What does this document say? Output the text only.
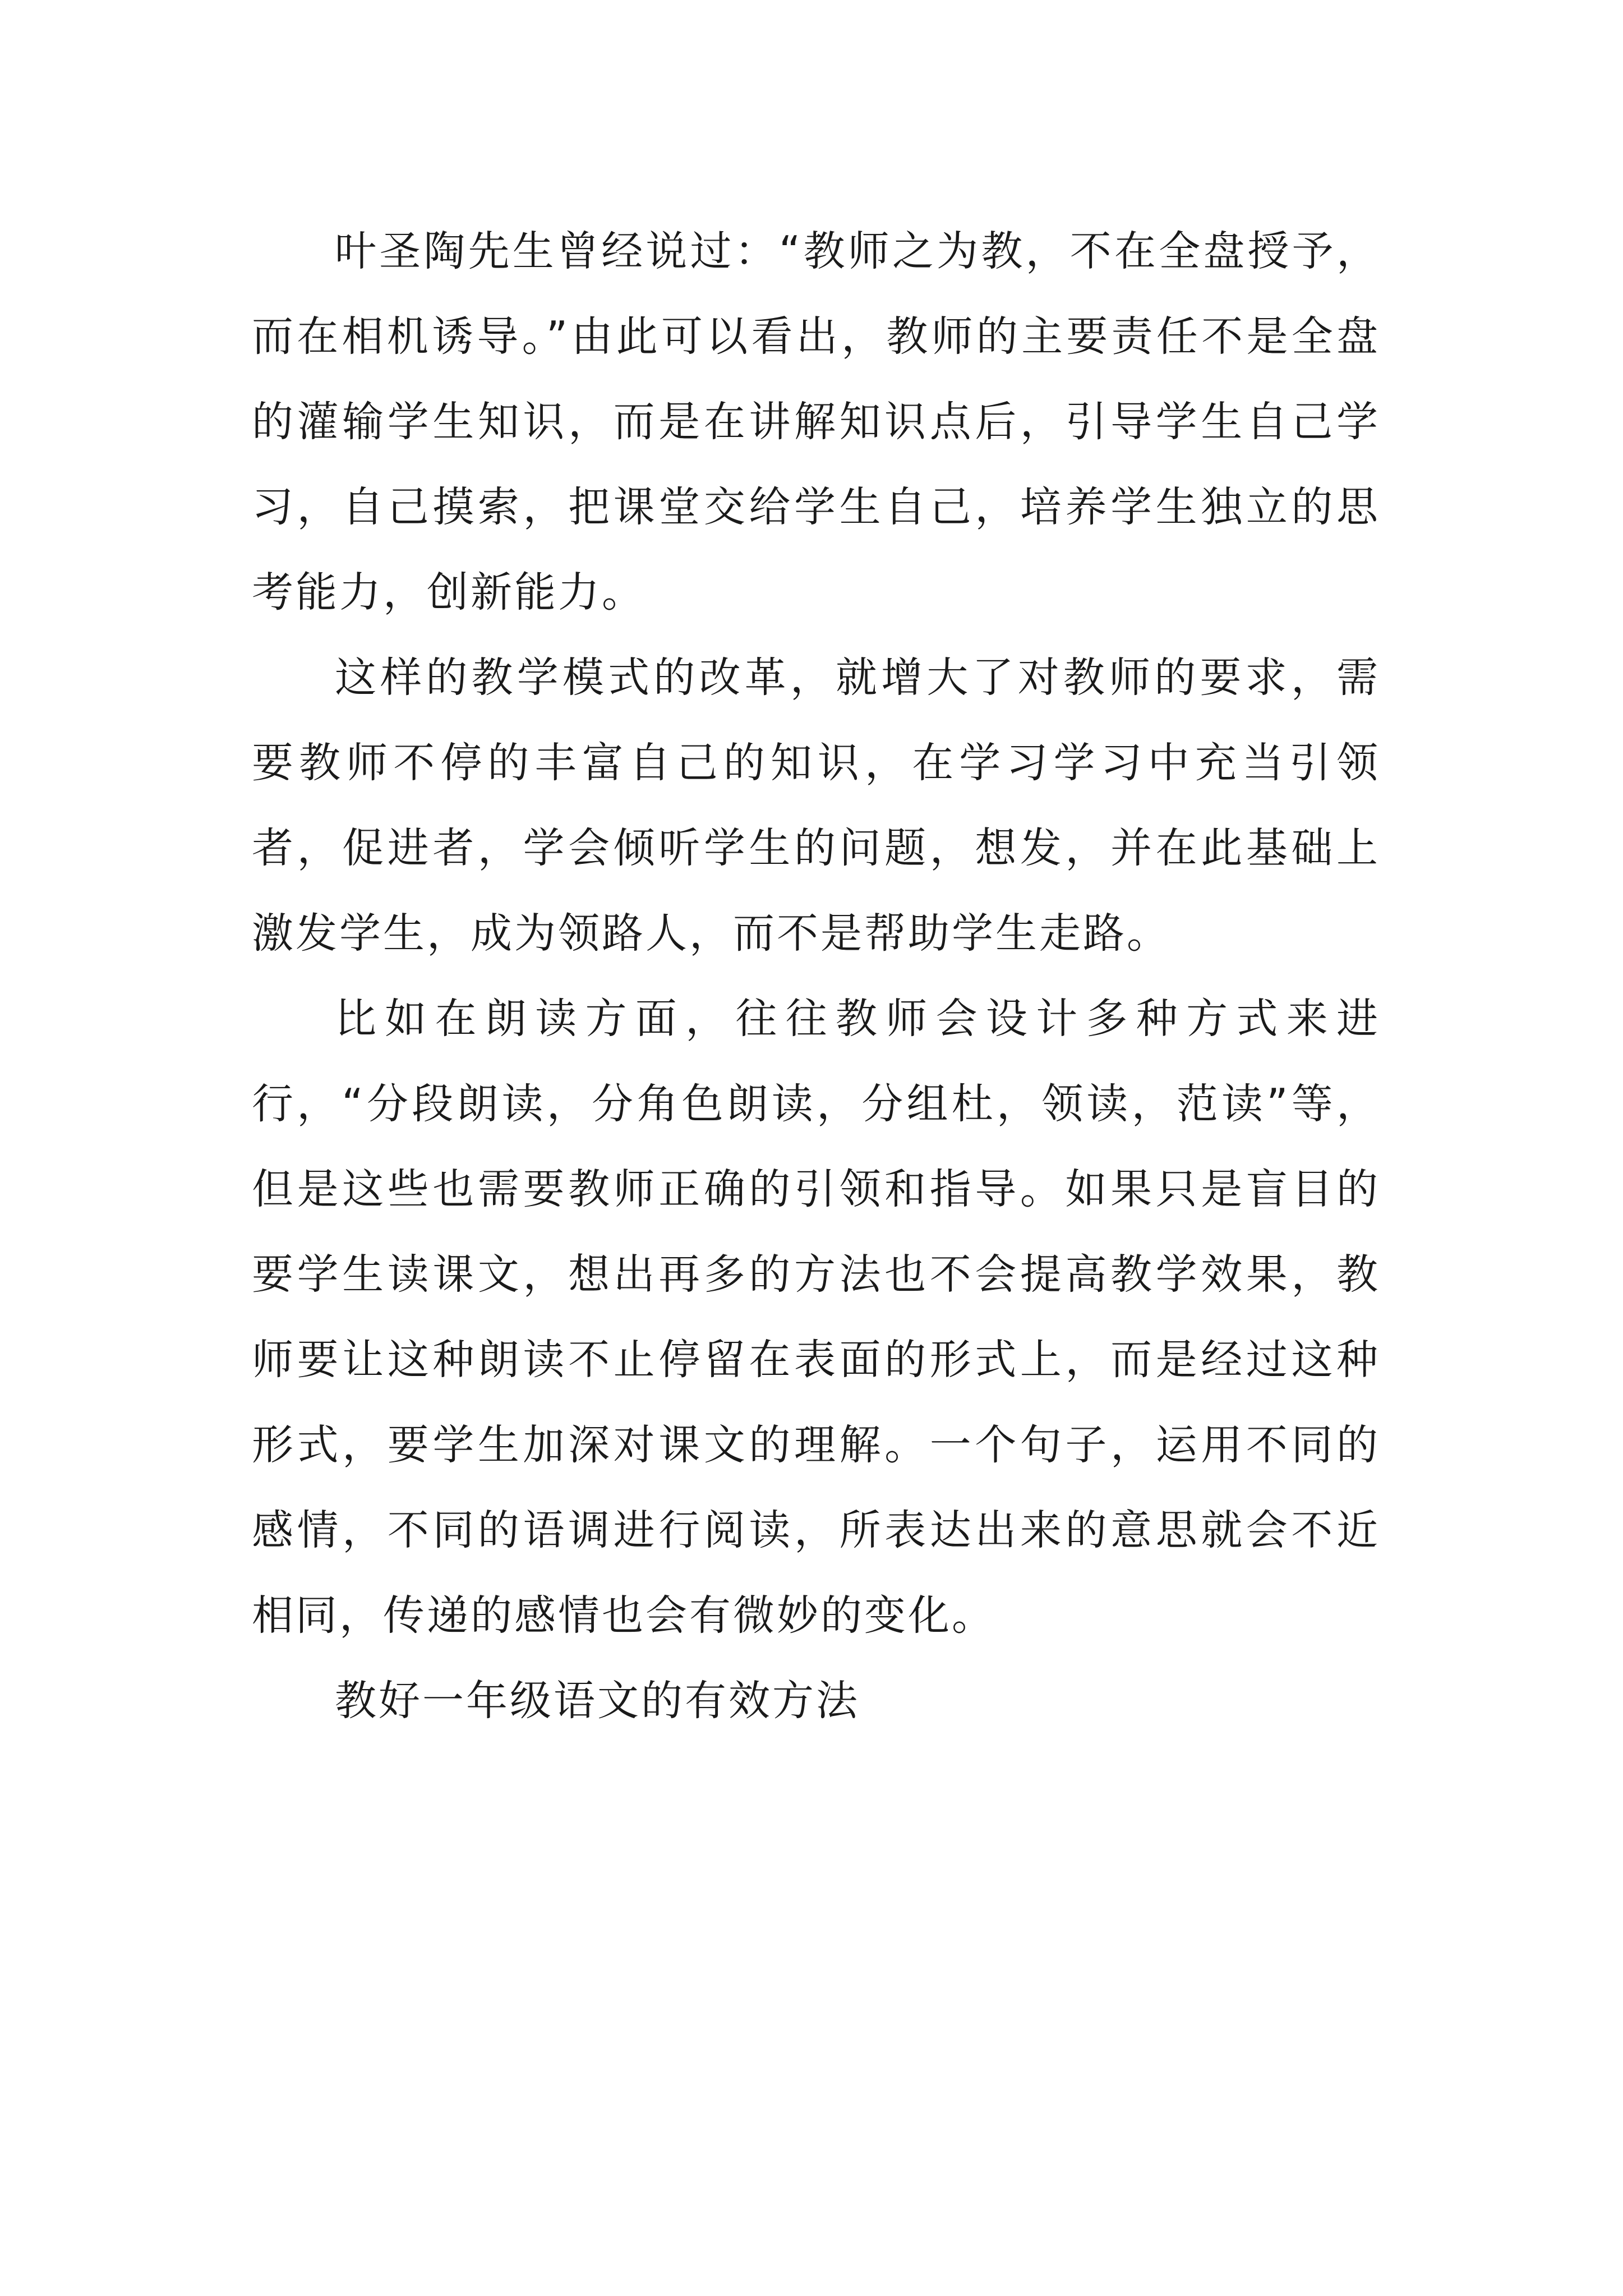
叶圣陶先生曾经说过：“教师之为教，不在全盘授予，而在相机诱导。”由此可以看出，教师的主要责任不是全盘的灌输学生知识，而是在讲解知识点后，引导学生自己学习，自己摸索，把课堂交给学生自己，培养学生独立的思考能力，创新能力。

这样的教学模式的改革，就增大了对教师的要求，需要教师不停的丰富自己的知识，在学习学习中充当引领者，促进者，学会倾听学生的问题，想发，并在此基础上激发学生，成为领路人，而不是帮助学生走路。

比如在朗读方面，往往教师会设计多种方式来进行，“分段朗读，分角色朗读，分组杜，领读，范读”等，但是这些也需要教师正确的引领和指导。如果只是盲目的要学生读课文，想出再多的方法也不会提高教学效果，教师要让这种朗读不止停留在表面的形式上，而是经过这种形式，要学生加深对课文的理解。一个句子，运用不同的感情，不同的语调进行阅读，所表达出来的意思就会不近相同，传递的感情也会有微妙的变化。

教好一年级语文的有效方法
